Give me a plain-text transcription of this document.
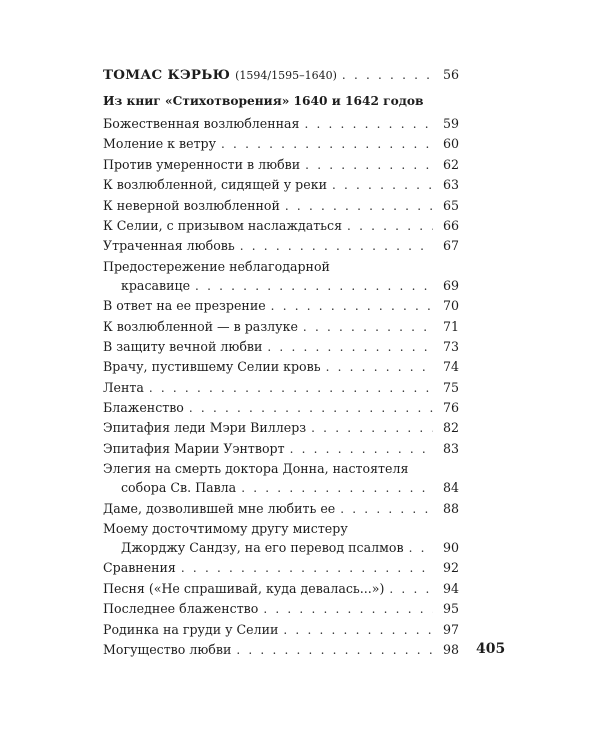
ТОМАС КЭРЬЮ (1594/1595–1640) . . .	56
Из книг «Стихотворения» 1640 и 1642 годов
Божественная возлюбленная . . .	59
Моление к ветру . . .	60
Против умеренности в любви . . .	62
К возлюбленной, сидящей у реки . . .	63
К неверной возлюбленной . . .	65
К Селии, с призывом наслаждаться . . .	66
Утраченная любовь . . .	67
Предостережение неблагодарной
красавице . . .	69
В ответ на ее презрение . . .	70
К возлюбленной — в разлуке . . .	71
В защиту вечной любви . . .	73
Врачу, пустившему Селии кровь . . .	74
Лента . . .	75
Блаженство . . .	76
Эпитафия леди Мэри Виллерз . . .	82
Эпитафия Марии Уэнтворт . . .	83
Элегия на смерть доктора Донна, настоятеля
собора Св. Павла . . .	84
Даме, дозволившей мне любить ее . . .	88
Моему досточтимому другу мистеру
Джорджу Сандзу, на его перевод псалмов . . .	90
Сравнения . . .	92
Песня («Не спрашивай, куда девалась...») . . .	94
Последнее блаженство . . .	95
Родинка на груди у Селии . . .	97
Могущество любви . . .	98 405
